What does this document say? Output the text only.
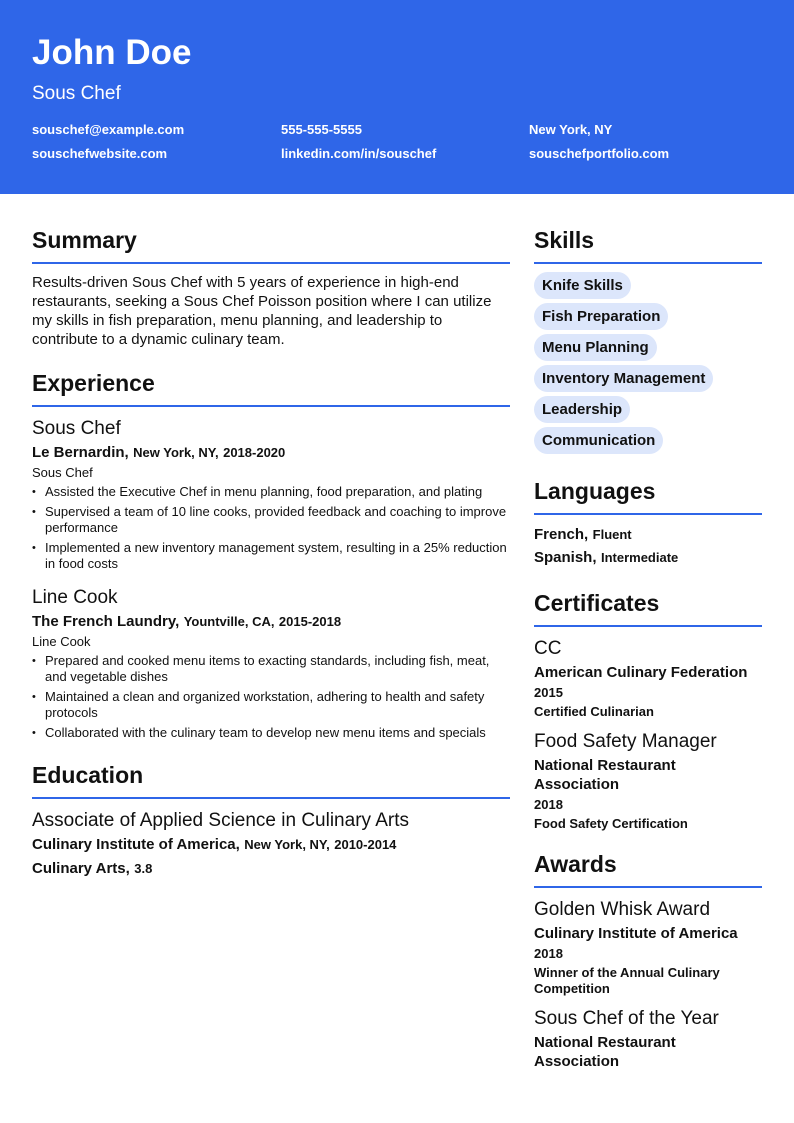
John Doe
Sous Chef
souschef@example.com	555-555-5555	New York, NY
souschefwebsite.com	linkedin.com/in/souschef	souschefportfolio.com
Summary

Results-driven Sous Chef with 5 years of experience in high-end restaurants, seeking a Sous Chef Poisson position where I can utilize my skills in fish preparation, menu planning, and leadership to contribute to a dynamic culinary team.

Experience
Sous Chef
Le Bernardin, New York, NY, 2018-2020
Sous Chef
• Assisted the Executive Chef in menu planning, food preparation, and plating
• Supervised a team of 10 line cooks, provided feedback and coaching to improve performance
• Implemented a new inventory management system, resulting in a 25% reduction in food costs
Line Cook
The French Laundry, Yountville, CA, 2015-2018
Line Cook
• Prepared and cooked menu items to exacting standards, including fish, meat, and vegetable dishes
• Maintained a clean and organized workstation, adhering to health and safety protocols
• Collaborated with the culinary team to develop new menu items and specials
Education
Associate of Applied Science in Culinary Arts
Culinary Institute of America, New York, NY, 2010-2014
Culinary Arts, 3.8
Skills
Knife Skills
Fish Preparation
Menu Planning
Inventory Management
Leadership
Communication
Languages
French, Fluent
Spanish, Intermediate
Certificates
CC
American Culinary Federation
2015
Certified Culinarian
Food Safety Manager
National Restaurant Association
2018
Food Safety Certification
Awards
Golden Whisk Award
Culinary Institute of America
2018
Winner of the Annual Culinary Competition
Sous Chef of the Year
National Restaurant Association
